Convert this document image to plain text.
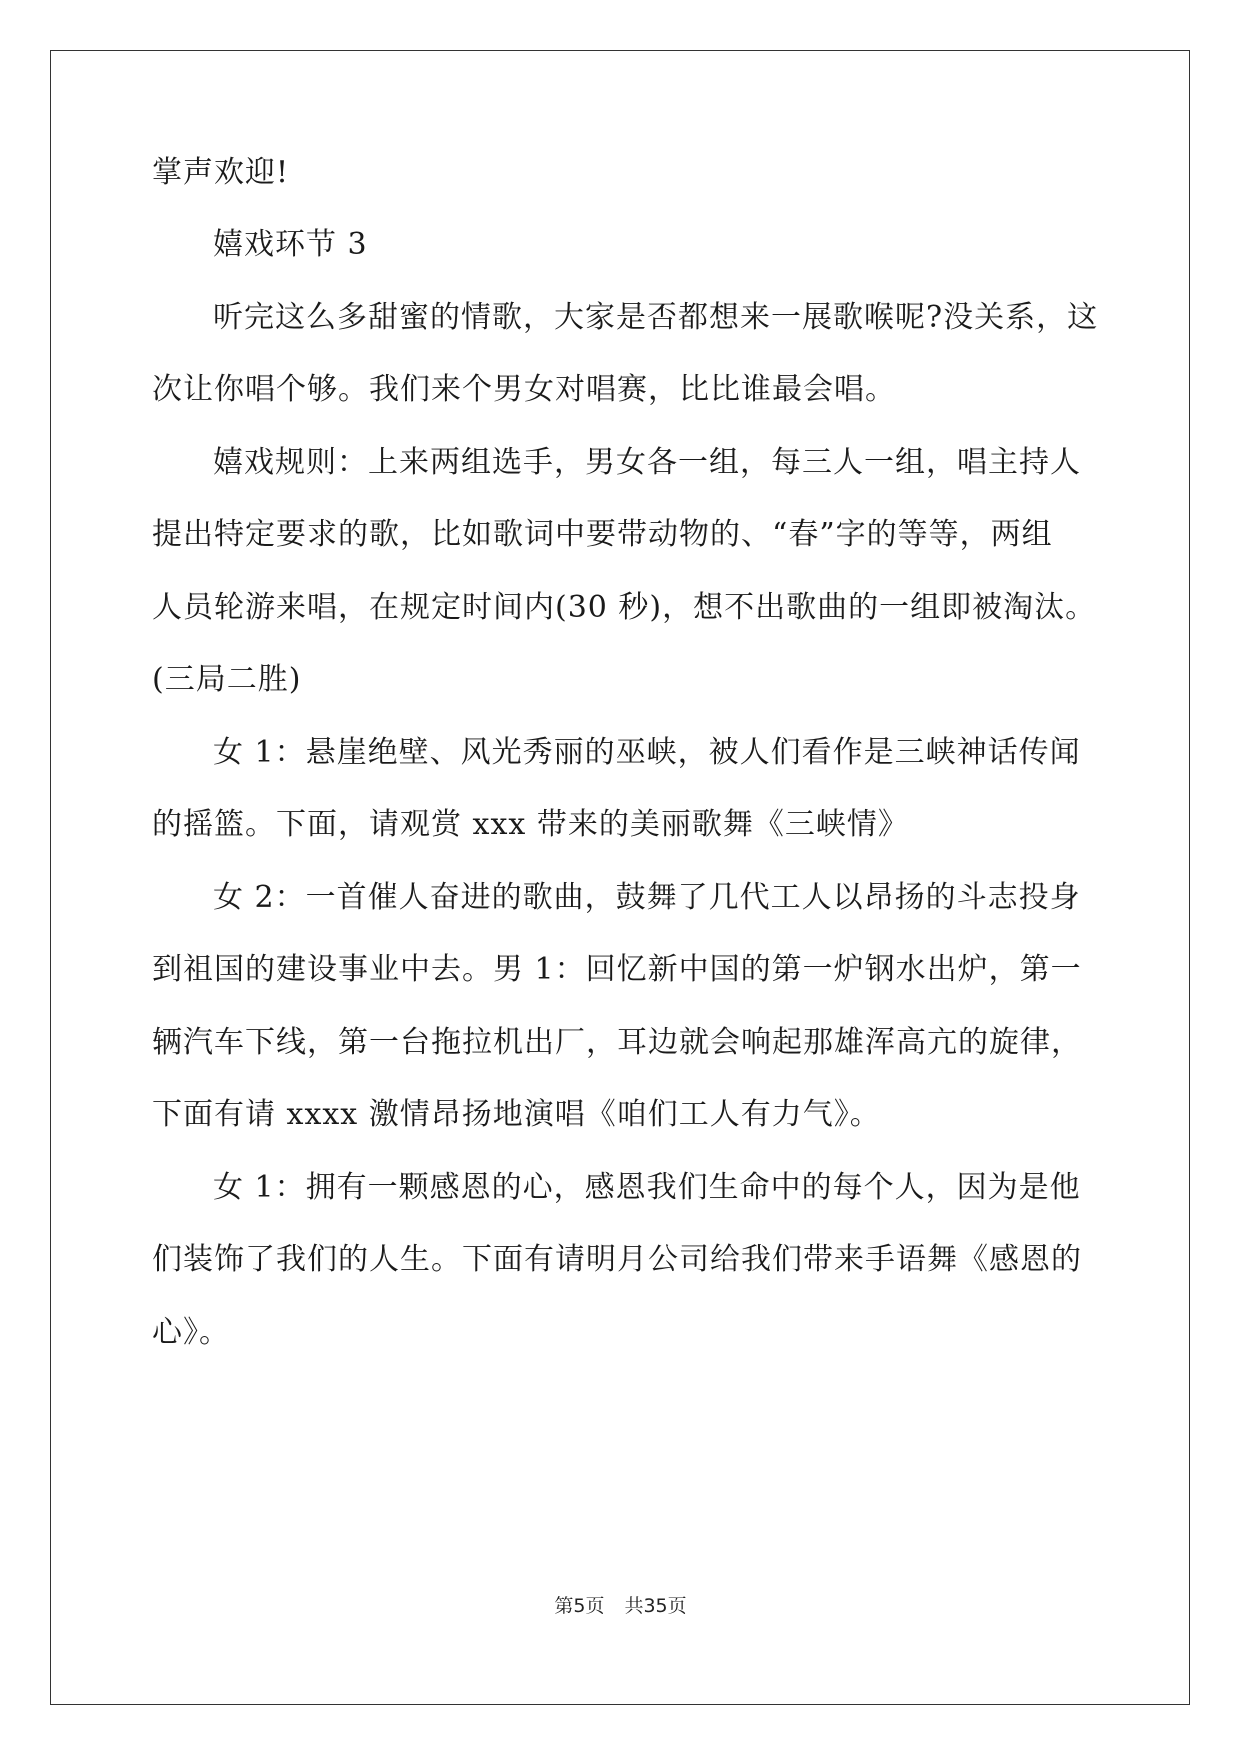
掌声欢迎!
嬉戏环节 3
听完这么多甜蜜的情歌，大家是否都想来一展歌喉呢?没关系，这
次让你唱个够。我们来个男女对唱赛，比比谁最会唱。
嬉戏规则：上来两组选手，男女各一组，每三人一组，唱主持人
提出特定要求的歌，比如歌词中要带动物的、“春”字的等等，两组
人员轮游来唱，在规定时间内(30 秒)，想不出歌曲的一组即被淘汰。
(三局二胜)
女 1：悬崖绝壁、风光秀丽的巫峡，被人们看作是三峡神话传闻
的摇篮。下面，请观赏 xxx 带来的美丽歌舞《三峡情》
女 2：一首催人奋进的歌曲，鼓舞了几代工人以昂扬的斗志投身
到祖国的建设事业中去。男 1：回忆新中国的第一炉钢水出炉，第一
辆汽车下线，第一台拖拉机出厂，耳边就会响起那雄浑高亢的旋律，
下面有请 xxxx 激情昂扬地演唱《咱们工人有力气》。
女 1：拥有一颗感恩的心，感恩我们生命中的每个人，因为是他
们装饰了我们的人生。下面有请明月公司给我们带来手语舞《感恩的
心》。
第5页 共35页
